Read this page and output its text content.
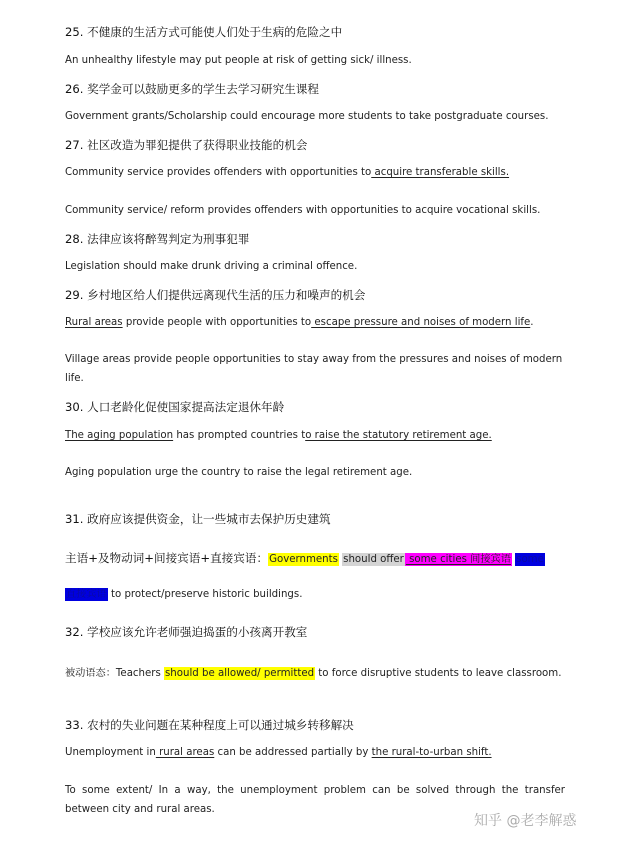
25. 不健康的生活方式可能使人们处于生病的危险之中
An unhealthy lifestyle may put people at risk of getting sick/ illness.
26. 奖学金可以鼓励更多的学生去学习研究生课程
Government grants/Scholarship could encourage more students to take postgraduate courses.
27. 社区改造为罪犯提供了获得职业技能的机会
Community service provides offenders with opportunities to acquire transferable skills.
Community service/ reform provides offenders with opportunities to acquire vocational skills.
28. 法律应该将醉驾判定为刑事犯罪
Legislation should make drunk driving a criminal offence.
29. 乡村地区给人们提供远离现代生活的压力和噪声的机会
Rural areas provide people with opportunities to escape pressure and noises of modern life.
Village areas provide people opportunities to stay away from the pressures and noises of modern life.
30. 人口老龄化促使国家提高法定退休年龄
The aging population has prompted countries to raise the statutory retirement age.
Aging population urge the country to raise the legal retirement age.
31. 政府应该提供资金，让一些城市去保护历史建筑
主语+及物动词+间接宾语+直接宾语：Governments should offer some cities 间接宾语 some
直接宾语 to protect/preserve historic buildings.
32. 学校应该允许老师强迫捣蛋的小孩离开教室
被动语态：Teachers should be allowed/ permitted to force disruptive students to leave classroom.
33. 农村的失业问题在某种程度上可以通过城乡转移解决
Unemployment in rural areas can be addressed partially by the rural-to-urban shift.
To some extent/ In a way, the unemployment problem can be solved through the transfer between city and rural areas.
知乎 @老李解惑
